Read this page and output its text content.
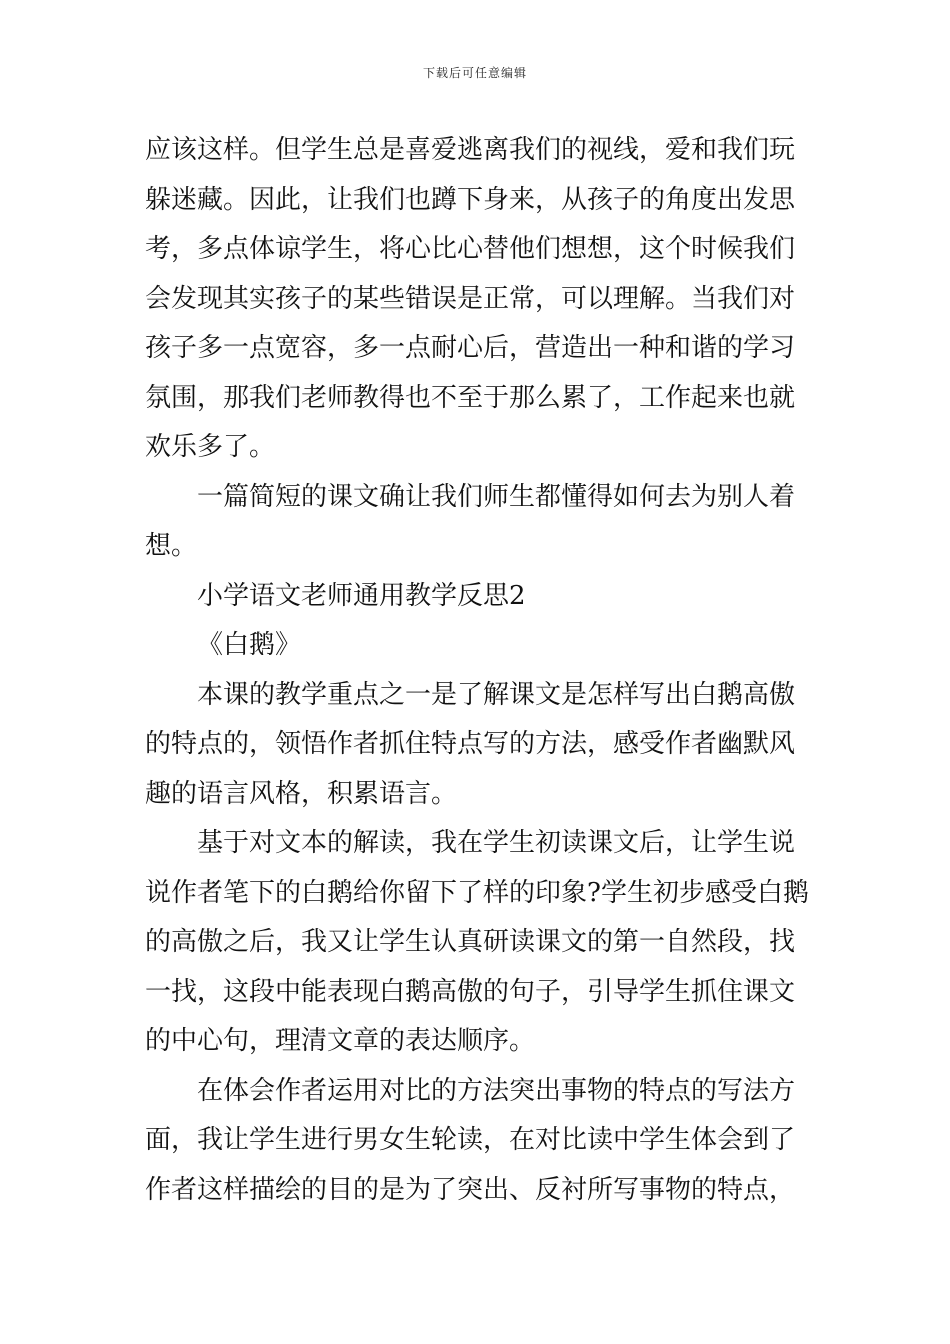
下载后可任意编辑
应该这样。但学生总是喜爱逃离我们的视线，爱和我们玩
躲迷藏。因此，让我们也蹲下身来，从孩子的角度出发思
考，多点体谅学生，将心比心替他们想想，这个时候我们
会发现其实孩子的某些错误是正常，可以理解。当我们对
孩子多一点宽容，多一点耐心后，营造出一种和谐的学习
氛围，那我们老师教得也不至于那么累了，工作起来也就
欢乐多了。
一篇简短的课文确让我们师生都懂得如何去为别人着
想。
小学语文老师通用教学反思2
《白鹅》
本课的教学重点之一是了解课文是怎样写出白鹅高傲
的特点的，领悟作者抓住特点写的方法，感受作者幽默风
趣的语言风格，积累语言。
基于对文本的解读，我在学生初读课文后，让学生说
说作者笔下的白鹅给你留下了样的印象?学生初步感受白鹅
的高傲之后，我又让学生认真研读课文的第一自然段，找
一找，这段中能表现白鹅高傲的句子，引导学生抓住课文
的中心句，理清文章的表达顺序。
在体会作者运用对比的方法突出事物的特点的写法方
面，我让学生进行男女生轮读，在对比读中学生体会到了
作者这样描绘的目的是为了突出、反衬所写事物的特点，
